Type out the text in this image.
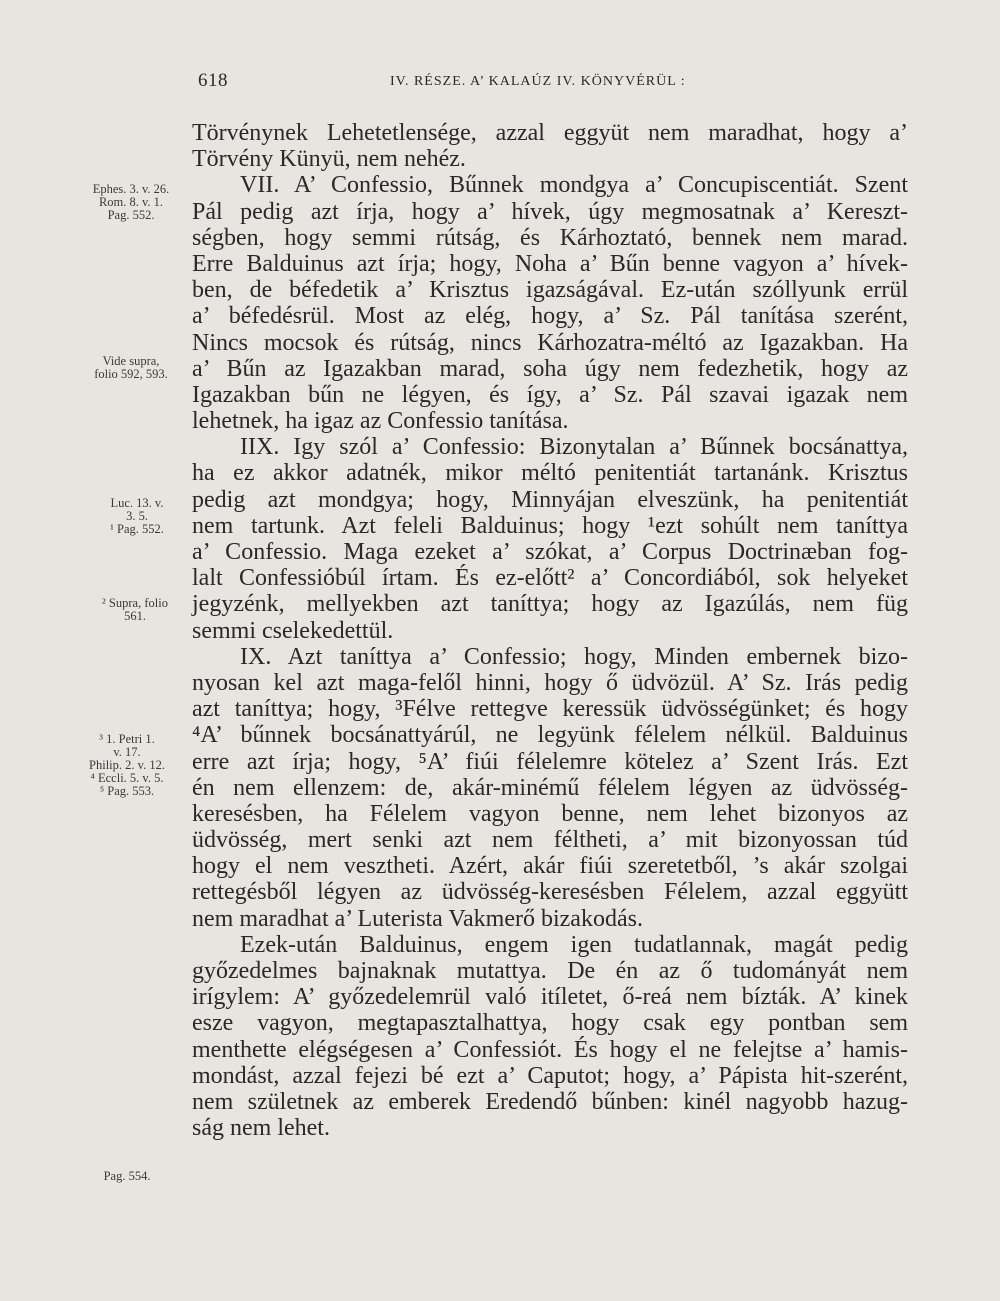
618	IV. RÉSZE. A’ KALAÚZ IV. KÖNYVÉRÜL :
Törvénynek Lehetetlensége, azzal eggyüt nem maradhat, hogy a’
Törvény Künyü, nem nehéz.
VII. A’ Confessio, Bűnnek mondgya a’ Concupiscentiát. Szent
Pál pedig azt írja, hogy a’ hívek, úgy megmosatnak a’ Kereszt-
ségben, hogy semmi rútság, és Kárhoztató, bennek nem marad.
Erre Balduinus azt írja; hogy, Noha a’ Bűn benne vagyon a’ hívek-
ben, de béfedetik a’ Krisztus igazságával. Ez-után szóllyunk errül
a’ béfedésrül. Most az elég, hogy, a’ Sz. Pál tanítása szerént,
Nincs mocsok és rútság, nincs Kárhozatra-méltó az Igazakban. Ha
a’ Bűn az Igazakban marad, soha úgy nem fedezhetik, hogy az
Igazakban bűn ne légyen, és így, a’ Sz. Pál szavai igazak nem
lehetnek, ha igaz az Confessio tanítása.
IIX. Igy szól a’ Confessio: Bizonytalan a’ Bűnnek bocsánattya,
ha ez akkor adatnék, mikor méltó penitentiát tartanánk. Krisztus
pedig azt mondgya; hogy, Minnyájan elveszünk, ha penitentiát
nem tartunk. Azt feleli Balduinus; hogy ¹ezt sohúlt nem taníttya
a’ Confessio. Maga ezeket a’ szókat, a’ Corpus Doctrinæban fog-
lalt Confessióbúl írtam. És ez-előtt² a’ Concordiából, sok helyeket
jegyzénk, mellyekben azt taníttya; hogy az Igazúlás, nem füg
semmi cselekedettül.
IX. Azt taníttya a’ Confessio; hogy, Minden embernek bizo-
nyosan kel azt maga-felől hinni, hogy ő üdvözül. A’ Sz. Irás pedig
azt taníttya; hogy, ³Félve rettegve keressük üdvösségünket; és hogy
⁴A’ bűnnek bocsánattyárúl, ne legyünk félelem nélkül. Balduinus
erre azt írja; hogy, ⁵A’ fiúi félelemre kötelez a’ Szent Irás. Ezt
én nem ellenzem: de, akár-minémű félelem légyen az üdvösség-
keresésben, ha Félelem vagyon benne, nem lehet bizonyos az
üdvösség, mert senki azt nem féltheti, a’ mit bizonyossan túd
hogy el nem vesztheti. Azért, akár fiúi szeretetből, ’s akár szolgai
rettegésből légyen az üdvösség-keresésben Félelem, azzal eggyütt
nem maradhat a’ Luterista Vakmerő bizakodás.
Ezek-után Balduinus, engem igen tudatlannak, magát pedig
győzedelmes bajnaknak mutattya. De én az ő tudományát nem
irígylem: A’ győzedelemrül való itíletet, ő-reá nem bízták. A’ kinek
esze vagyon, megtapasztalhattya, hogy csak egy pontban sem
menthette elégségesen a’ Confessiót. És hogy el ne felejtse a’ hamis-
mondást, azzal fejezi bé ezt a’ Caputot; hogy, a’ Pápista hit-szerént,
nem születnek az emberek Eredendő bűnben: kinél nagyobb hazug-
ság nem lehet.
Ephes. 3. v. 26.
Rom. 8. v. 1.
Pag. 552.
Vide supra,
folio 592, 593.
Luc. 13. v.
3. 5.
¹ Pag. 552.
² Supra, folio
561.
³ 1. Petri 1.
v. 17.
Philip. 2. v. 12.
⁴ Eccli. 5. v. 5.
⁵ Pag. 553.
Pag. 554.
